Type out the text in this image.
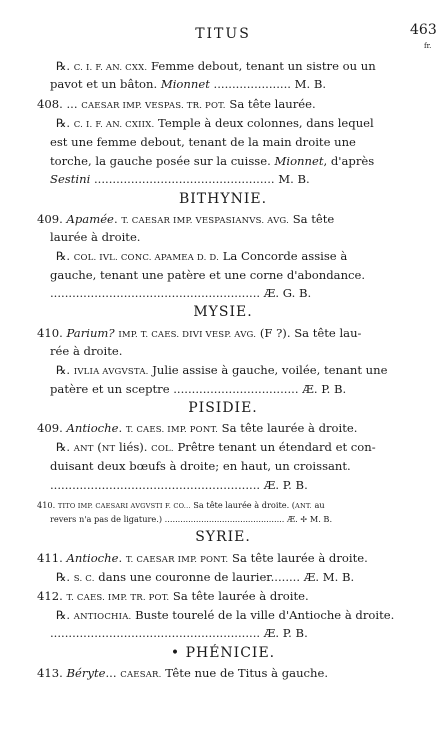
TITUS	463
fr.
℞. C. I. F. AN. CXX. Femme debout, tenant un sistre ou un
pavot et un bâton. Mionnet ..................... M. B.
408. ... CAESAR IMP. VESPAS. TR. POT. Sa tête laurée.
℞. C. I. F. AN. CXIIX. Temple à deux colonnes, dans lequel
est une femme debout, tenant de la main droite une
torche, la gauche posée sur la cuisse. Mionnet, d'après
Sestini ................................................. M. B.
BITHYNIE.
409. Apamée. T. CAESAR IMP. VESPASIANVS. AVG. Sa tête
laurée à droite.
℞. COL. IVL. CONC. APAMEA D. D. La Concorde assise à
gauche, tenant une patère et une corne d'abondance.
......................................................... Æ. G. B.
MYSIE.
410. Parium? IMP. T. CAES. DIVI VESP. AVG. (F ?). Sa tête lau-
rée à droite.
℞. IVLIA AVGVSTA. Julie assise à gauche, voilée, tenant une
patère et un sceptre .................................. Æ. P. B.
PISIDIE.
409. Antioche. T. CAES. IMP. PONT. Sa tête laurée à droite.
℞. ANT (NT liés). COL. Prêtre tenant un étendard et con-
duisant deux bœufs à droite; en haut, un croissant.
......................................................... Æ. P. B.
410. TITO IMP. CAESARI AVGVSTI F. CO... Sa tête laurée à droite. (ANT. au
revers n'a pas de ligature.) .............................................. Æ. ✢ M. B.
SYRIE.
411. Antioche. T. CAESAR IMP. PONT. Sa tête laurée à droite.
℞. S. C. dans une couronne de laurier........ Æ. M. B.
412. T. CAES. IMP. TR. POT. Sa tête laurée à droite.
℞. ANTIOCHIA. Buste tourelé de la ville d'Antioche à droite.
......................................................... Æ. P. B.
• PHÉNICIE.
413. Béryte... CAESAR. Tête nue de Titus à gauche.
